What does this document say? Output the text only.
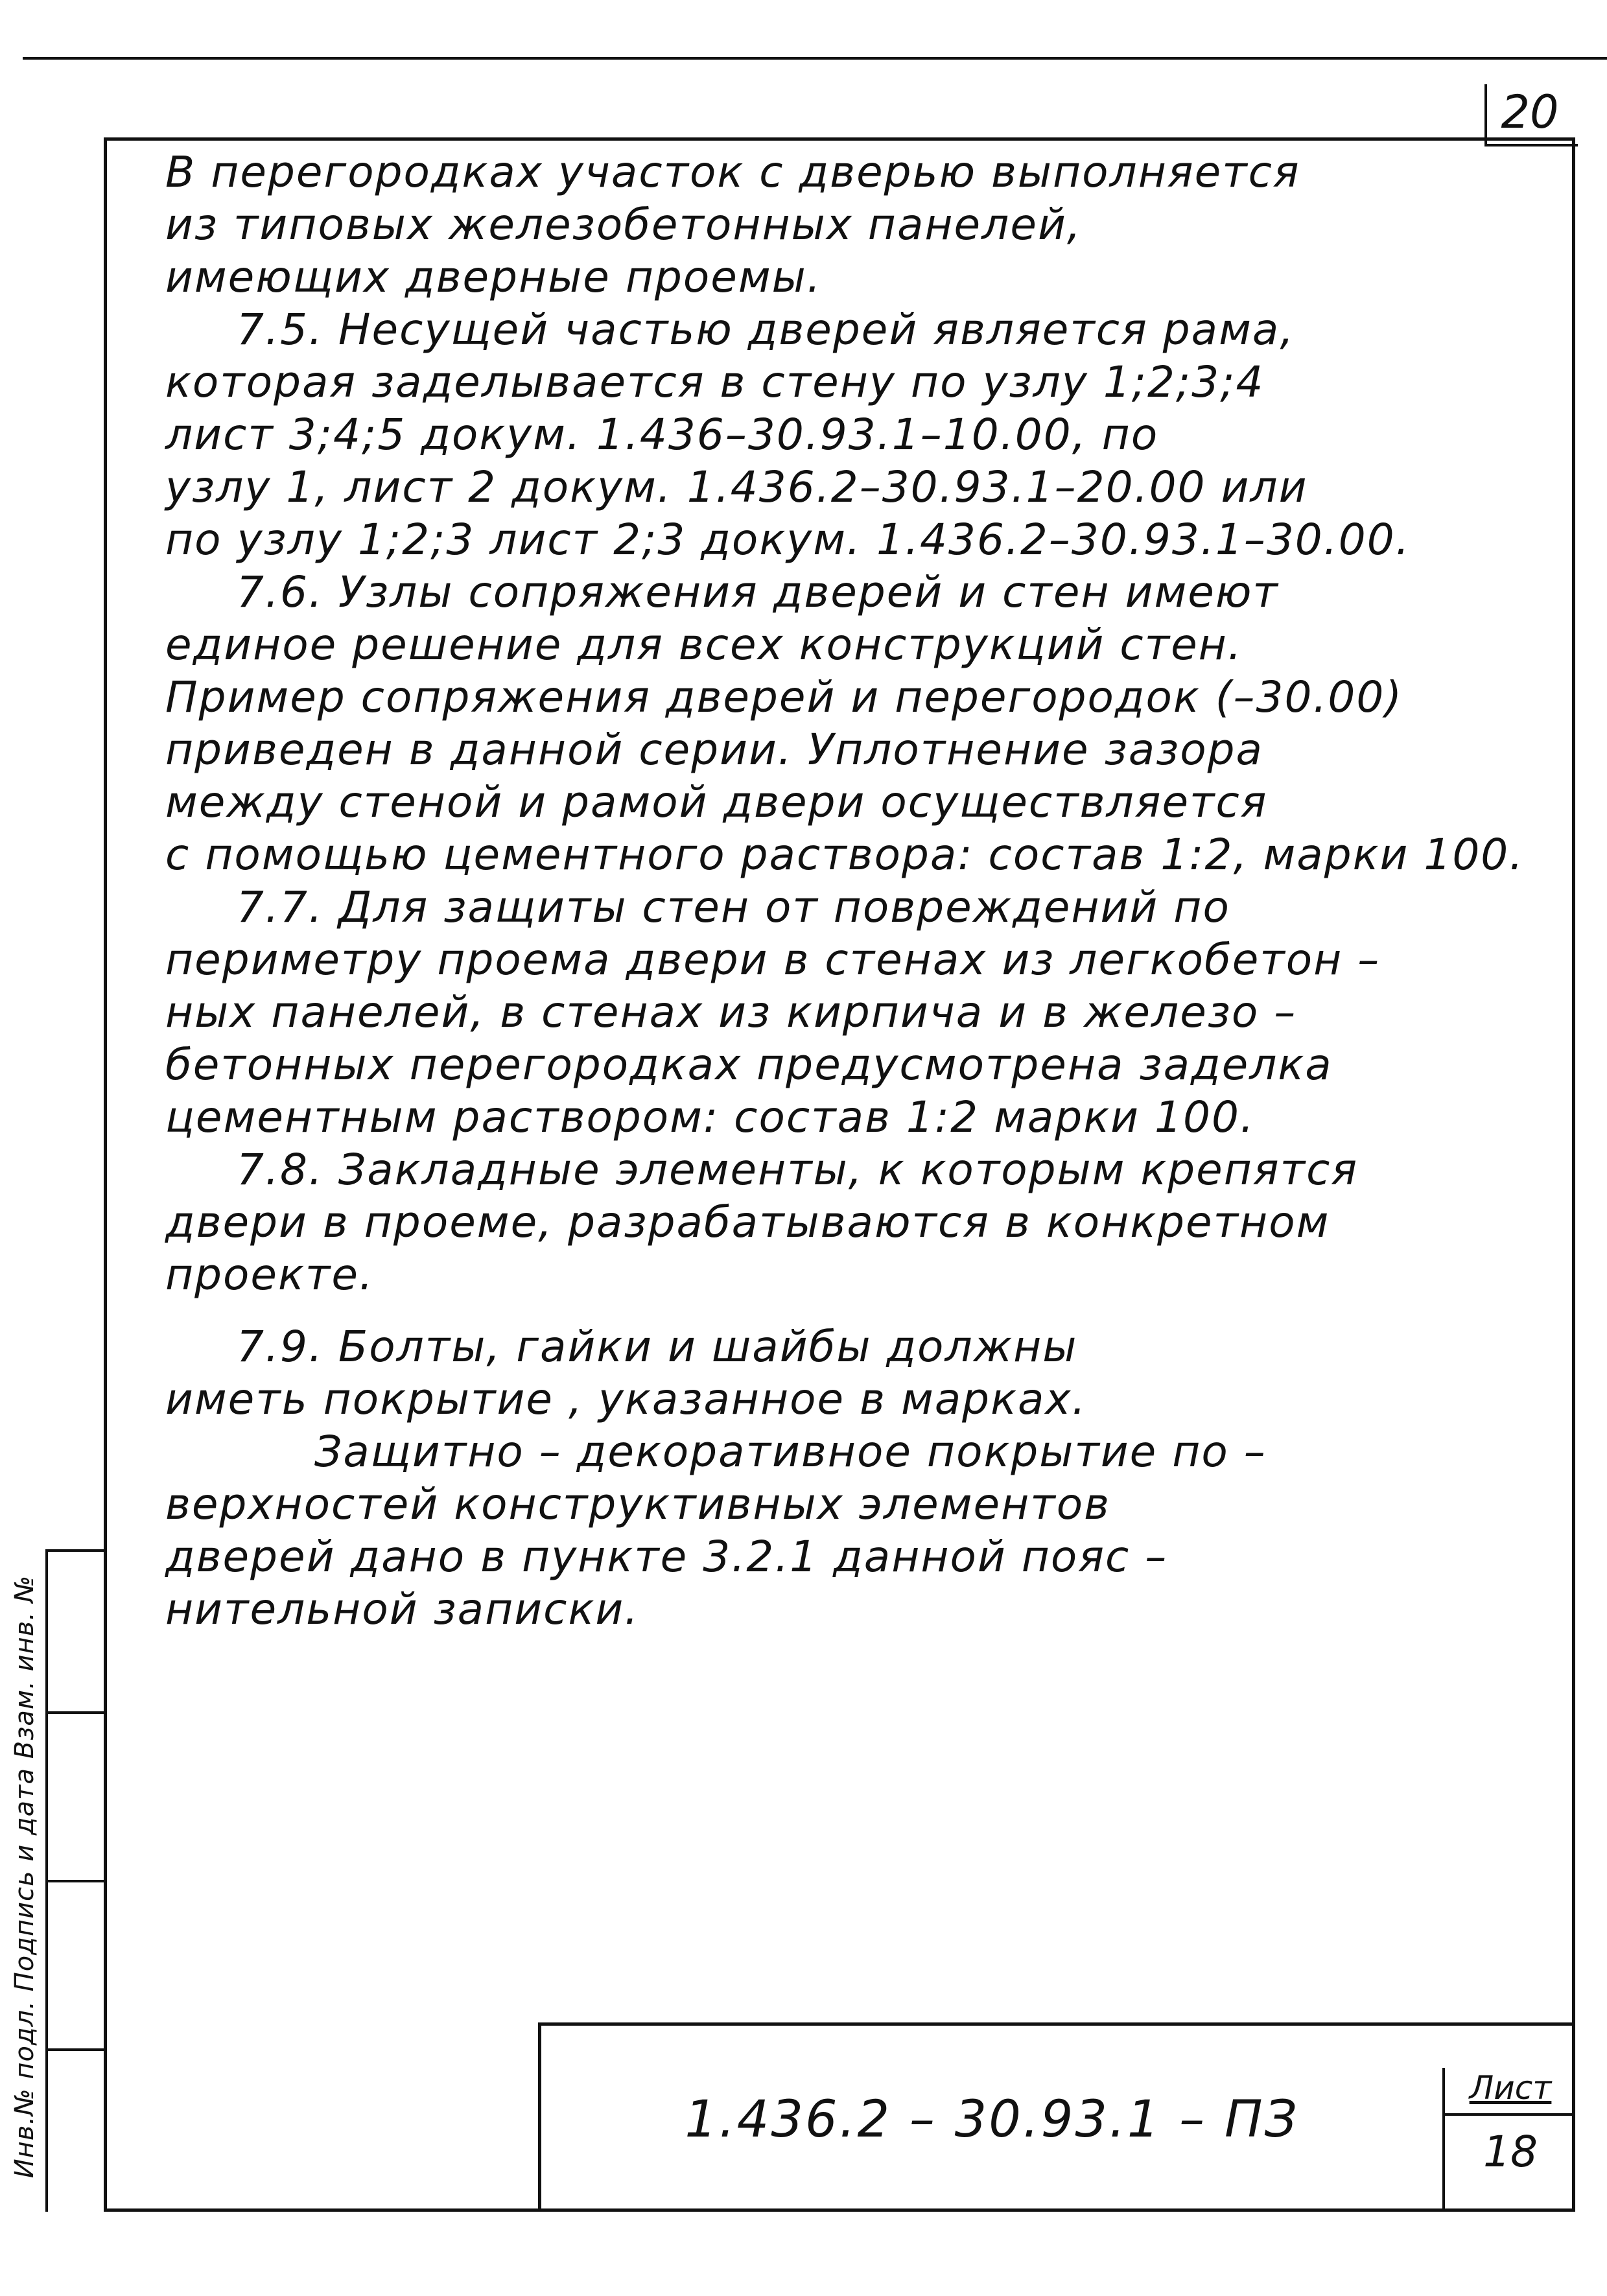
20
В перегородках участок с дверью выполняется
из типовых железобетонных панелей,
имеющих дверные проемы.
7.5. Несущей частью дверей является рама,
которая заделывается в стену по узлу 1;2;3;4
лист 3;4;5 докум. 1.436–30.93.1–10.00, по
узлу 1, лист 2 докум. 1.436.2–30.93.1–20.00 или
по узлу 1;2;3 лист 2;3 докум. 1.436.2–30.93.1–30.00.
7.6. Узлы сопряжения дверей и стен имеют
единое решение для всех конструкций стен.
Пример сопряжения дверей и перегородок (–30.00)
приведен в данной серии. Уплотнение зазора
между стеной и рамой двери осуществляется
с помощью цементного раствора: состав 1:2, марки 100.
7.7. Для защиты стен от повреждений по
периметру проема двери в стенах из легкобетон –
ных панелей, в стенах из кирпича и в железо –
бетонных перегородках предусмотрена заделка
цементным раствором: состав 1:2 марки 100.
7.8. Закладные элементы, к которым крепятся
двери в проеме, разрабатываются в конкретном
проекте.
7.9. Болты, гайки и шайбы должны
иметь покрытие , указанное в марках.
Защитно – декоративное покрытие по –
верхностей конструктивных элементов
дверей дано в пункте 3.2.1 данной пояс –
нительной записки.
Инв.№ подл. Подпись и дата Взам. инв. №	1.436.2 – 30.93.1 – ПЗ
Лист
18
